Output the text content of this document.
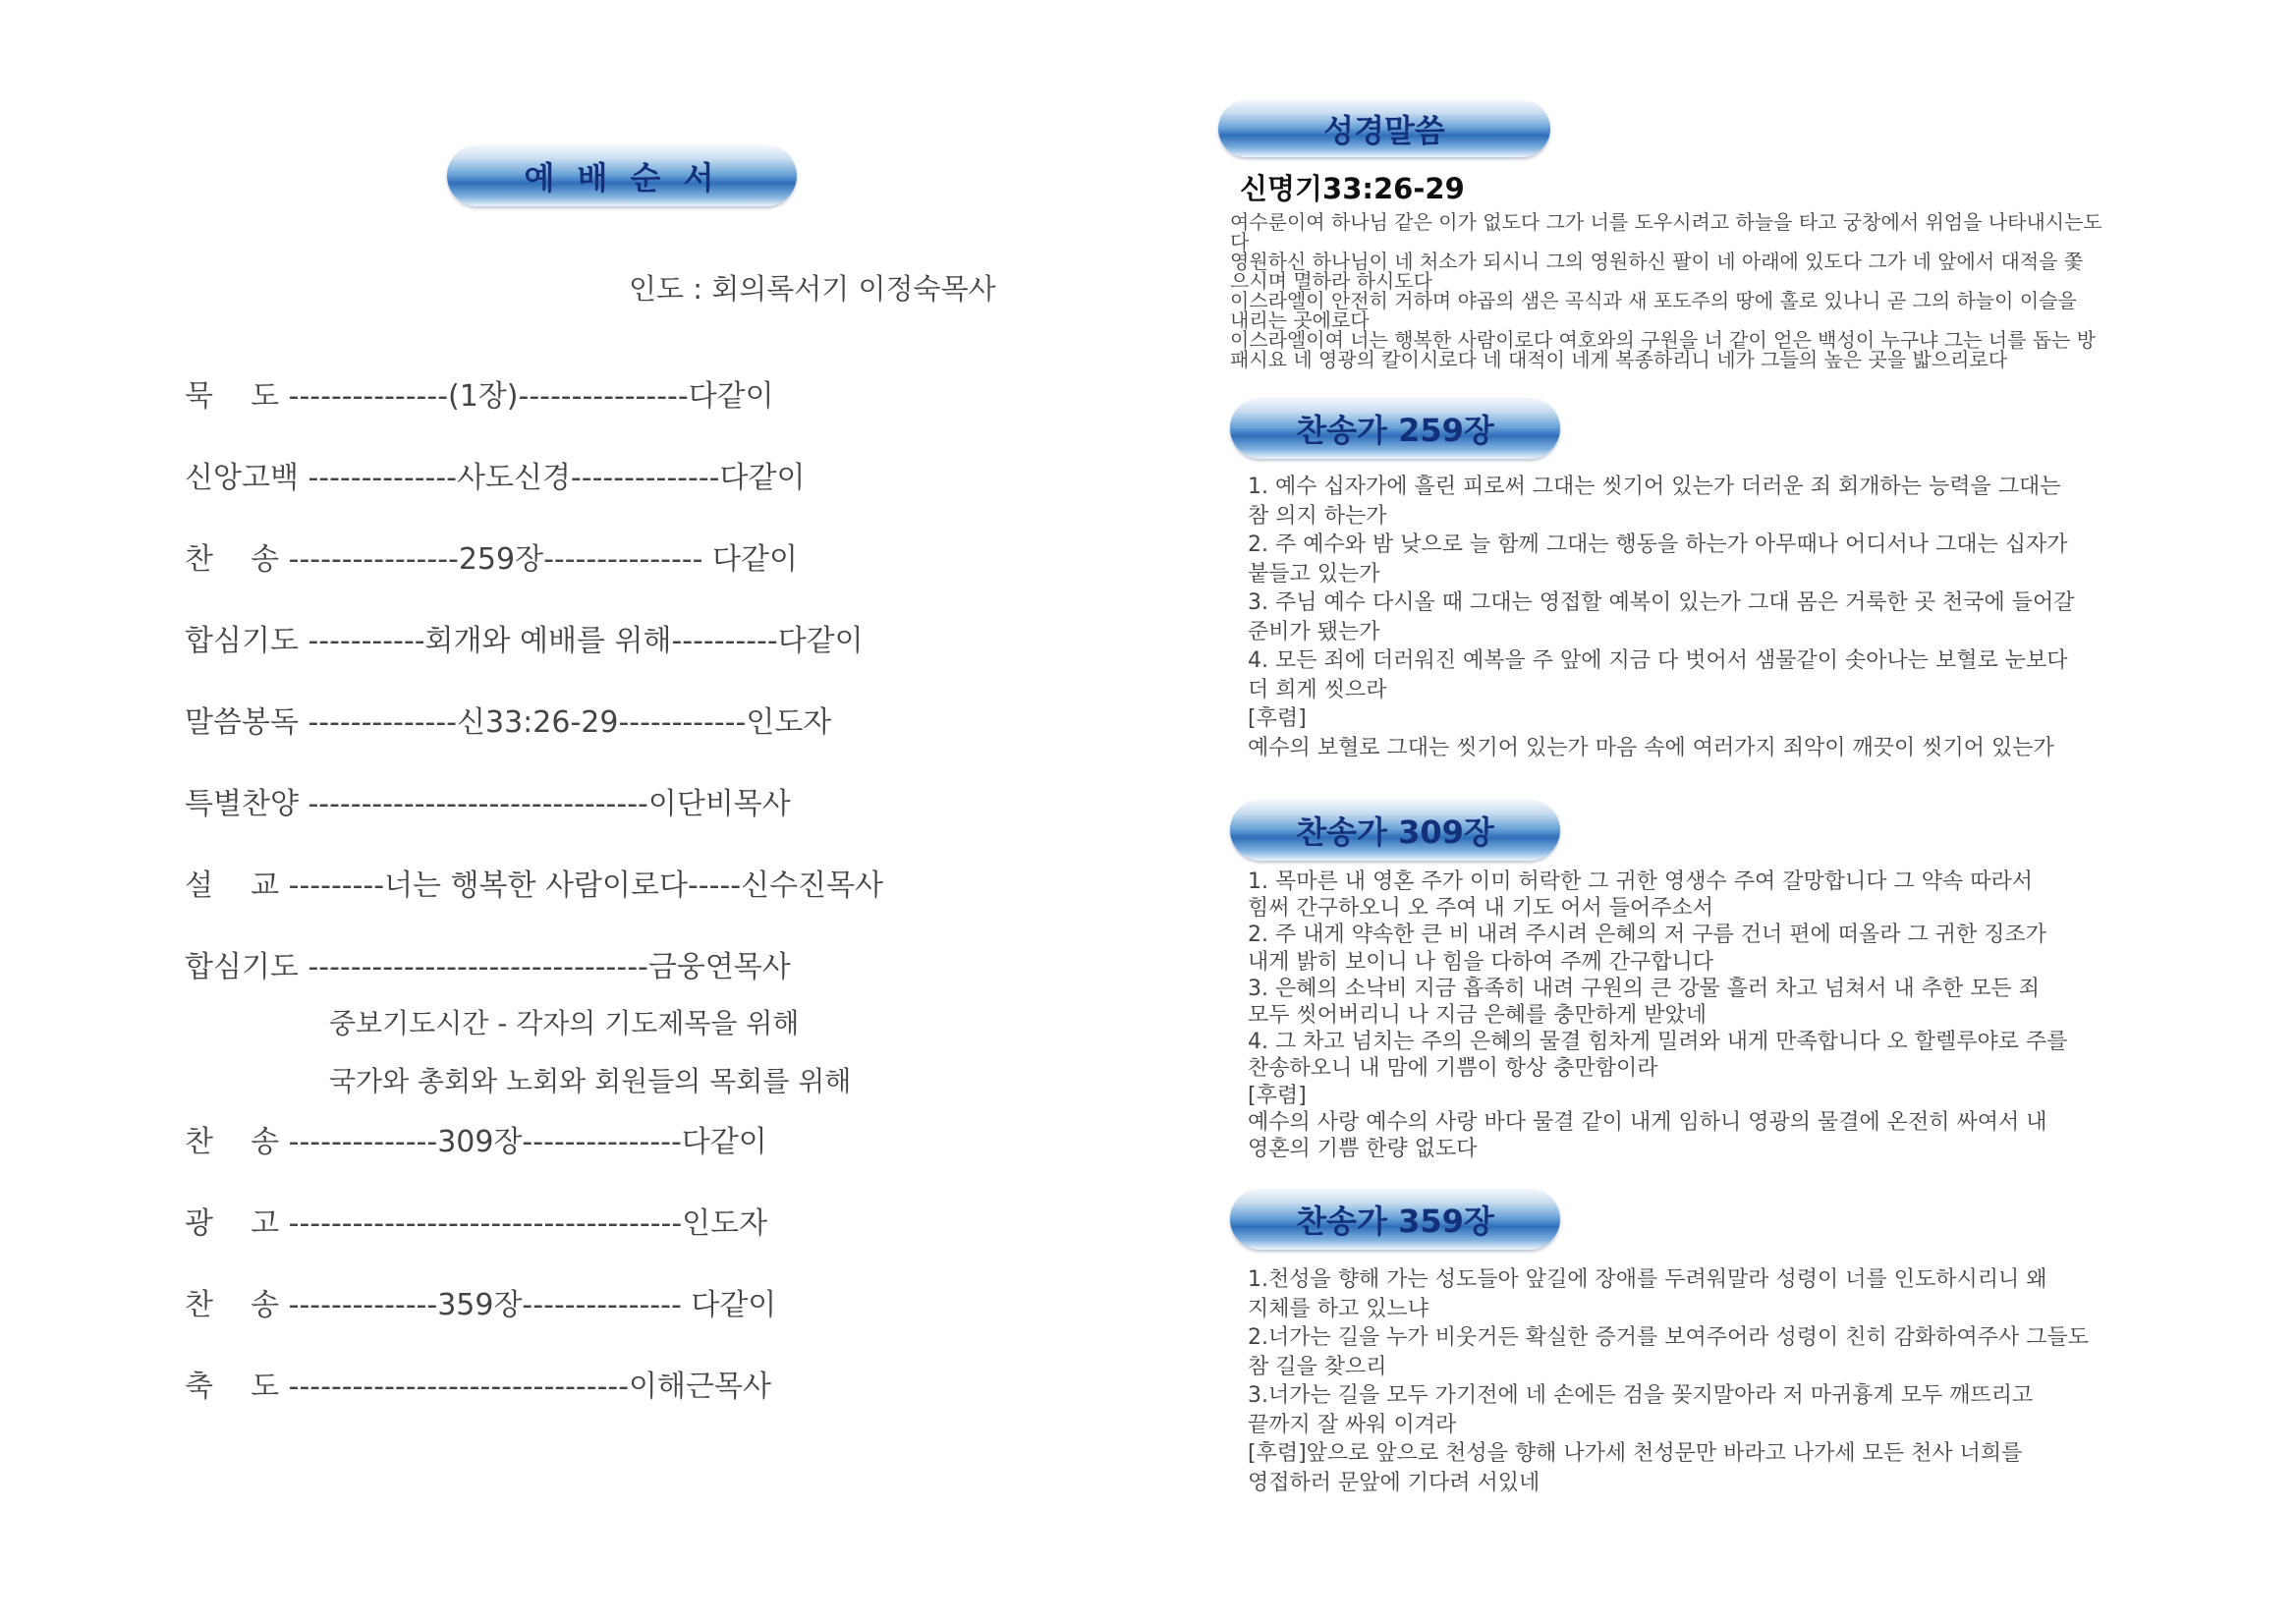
예 배 순 서
인도 : 회의록서기 이정숙목사
묵    도 ---------------(1장)----------------다같이
신앙고백 --------------사도신경--------------다같이
찬    송 ----------------259장--------------- 다같이
합심기도 -----------회개와 예배를 위해----------다같이
말씀봉독 --------------신33:26-29------------인도자
특별찬양 --------------------------------이단비목사
설    교 ---------너는 행복한 사람이로다-----신수진목사
합심기도 --------------------------------금웅연목사
중보기도시간 - 각자의 기도제목을 위해
국가와 총회와 노회와 회원들의 목회를 위해
찬    송 --------------309장---------------다같이
광    고 -------------------------------------인도자
찬    송 --------------359장--------------- 다같이
축    도 --------------------------------이해근목사
성경말씀
신명기33:26-29
여수룬이여 하나님 같은 이가 없도다 그가 너를 도우시려고 하늘을 타고 궁창에서 위엄을 나타내시는도
다
영원하신 하나님이 네 처소가 되시니 그의 영원하신 팔이 네 아래에 있도다 그가 네 앞에서 대적을 쫓
으시며 멸하라 하시도다
이스라엘이 안전히 거하며 야곱의 샘은 곡식과 새 포도주의 땅에 홀로 있나니 곧 그의 하늘이 이슬을
내리는 곳에로다
이스라엘이여 너는 행복한 사람이로다 여호와의 구원을 너 같이 얻은 백성이 누구냐 그는 너를 돕는 방
패시요 네 영광의 칼이시로다 네 대적이 네게 복종하리니 네가 그들의 높은 곳을 밟으리로다
찬송가 259장
1. 예수 십자가에 흘린 피로써 그대는 씻기어 있는가 더러운 죄 회개하는 능력을 그대는
참 의지 하는가
2. 주 예수와 밤 낮으로 늘 함께 그대는 행동을 하는가 아무때나 어디서나 그대는 십자가
붙들고 있는가
3. 주님 예수 다시올 때 그대는 영접할 예복이 있는가 그대 몸은 거룩한 곳 천국에 들어갈
준비가 됐는가
4. 모든 죄에 더러워진 예복을 주 앞에 지금 다 벗어서 샘물같이 솟아나는 보혈로 눈보다
더 희게 씻으라
[후렴]
예수의 보혈로 그대는 씻기어 있는가 마음 속에 여러가지 죄악이 깨끗이 씻기어 있는가
찬송가 309장
1. 목마른 내 영혼 주가 이미 허락한 그 귀한 영생수 주여 갈망합니다 그 약속 따라서
힘써 간구하오니 오 주여 내 기도 어서 들어주소서
2. 주 내게 약속한 큰 비 내려 주시려 은혜의 저 구름 건너 편에 떠올라 그 귀한 징조가
내게 밝히 보이니 나 힘을 다하여 주께 간구합니다
3. 은혜의 소낙비 지금 흡족히 내려 구원의 큰 강물 흘러 차고 넘쳐서 내 추한 모든 죄
모두 씻어버리니 나 지금 은혜를 충만하게 받았네
4. 그 차고 넘치는 주의 은혜의 물결 힘차게 밀려와 내게 만족합니다 오 할렐루야로 주를
찬송하오니 내 맘에 기쁨이 항상 충만함이라
[후렴]
예수의 사랑 예수의 사랑 바다 물결 같이 내게 임하니 영광의 물결에 온전히 싸여서 내
영혼의 기쁨 한량 없도다
찬송가 359장
1.천성을 향해 가는 성도들아 앞길에 장애를 두려워말라 성령이 너를 인도하시리니 왜
지체를 하고 있느냐
2.너가는 길을 누가 비웃거든 확실한 증거를 보여주어라 성령이 친히 감화하여주사 그들도
참 길을 찾으리
3.너가는 길을 모두 가기전에 네 손에든 검을 꽂지말아라 저 마귀흉계 모두 깨뜨리고
끝까지 잘 싸워 이겨라
[후렴]앞으로 앞으로 천성을 향해 나가세 천성문만 바라고 나가세 모든 천사 너희를
영접하러 문앞에 기다려 서있네
